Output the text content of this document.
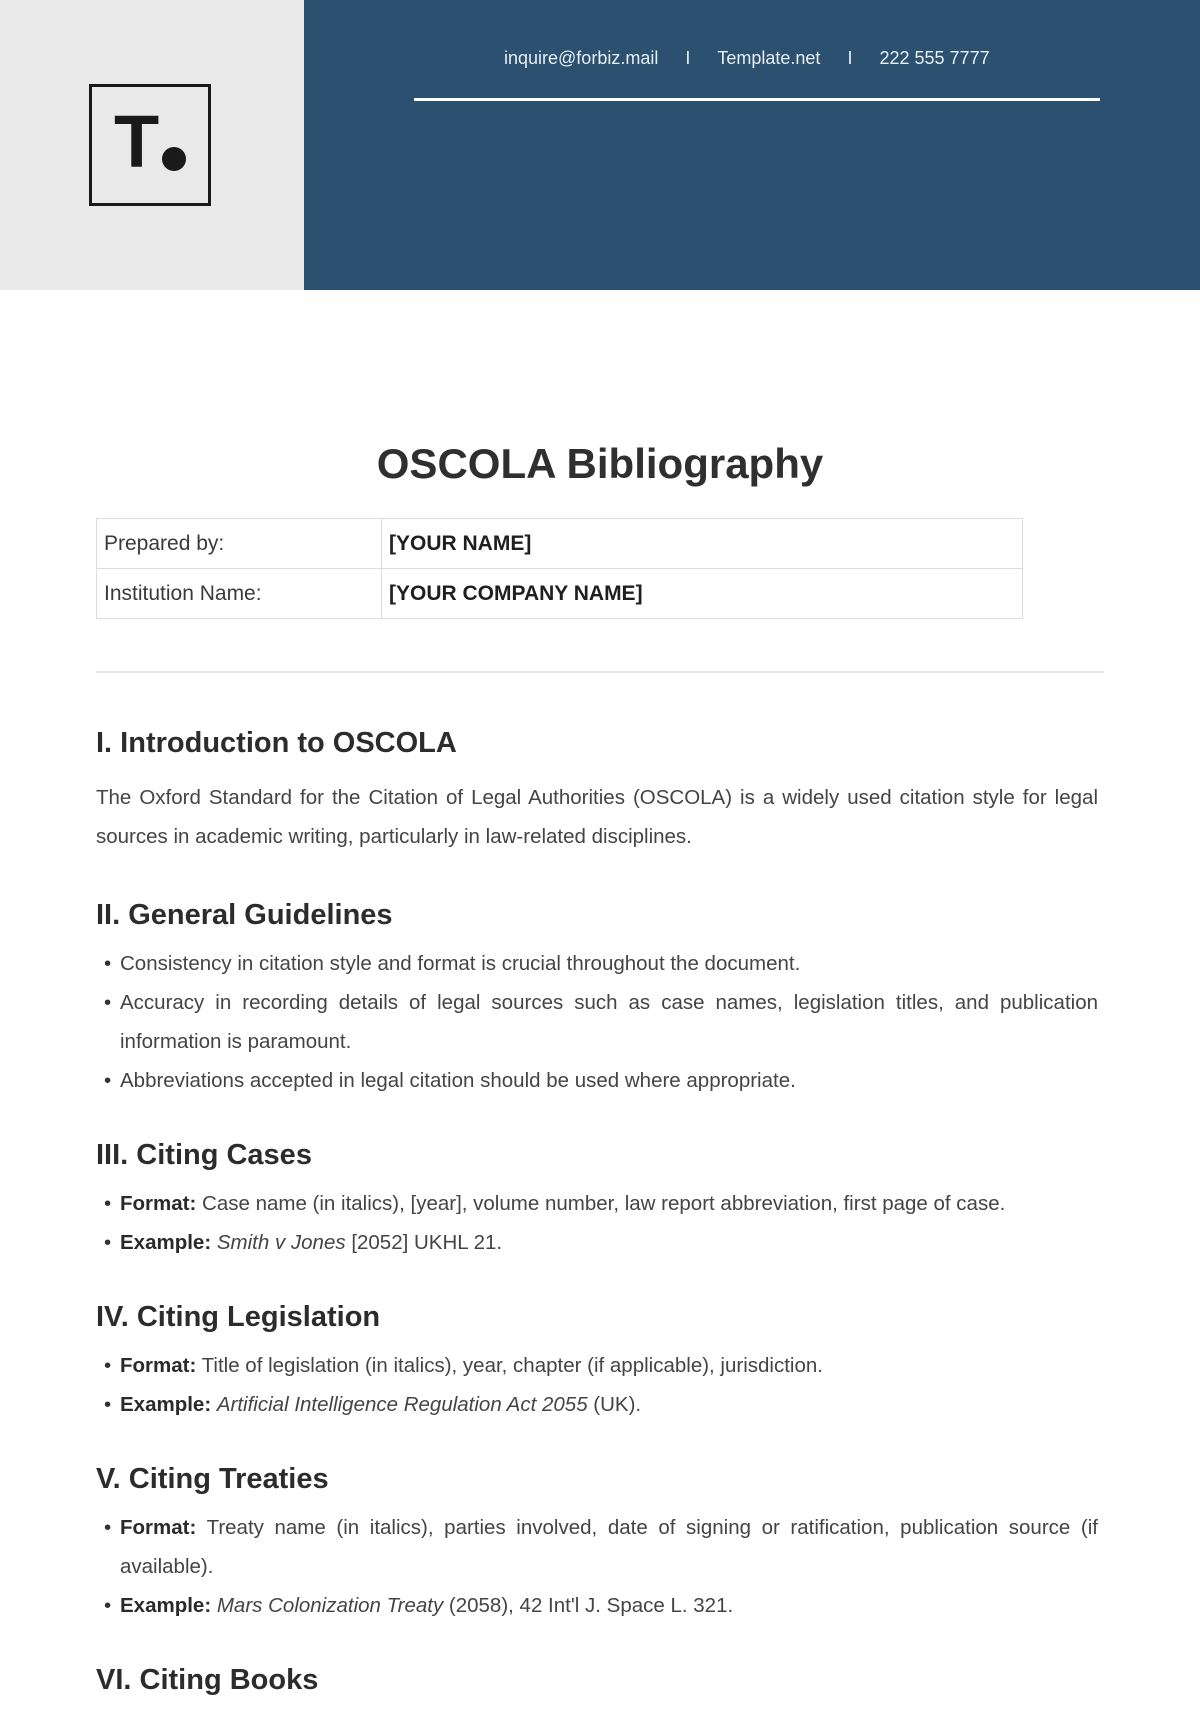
T
inquire@forbiz.mail I Template.net I 222 555 7777
OSCOLA Bibliography
Prepared by:	[YOUR NAME]
Institution Name:	[YOUR COMPANY NAME]
I. Introduction to OSCOLA

The Oxford Standard for the Citation of Legal Authorities (OSCOLA) is a widely used citation style for legal sources in academic writing, particularly in law-related disciplines.

II. General Guidelines
• Consistency in citation style and format is crucial throughout the document.
• Accuracy in recording details of legal sources such as case names, legislation titles, and publication information is paramount.
• Abbreviations accepted in legal citation should be used where appropriate.
III. Citing Cases
• Format: Case name (in italics), [year], volume number, law report abbreviation, first page of case.
• Example: Smith v Jones [2052] UKHL 21.
IV. Citing Legislation
• Format: Title of legislation (in italics), year, chapter (if applicable), jurisdiction.
• Example: Artificial Intelligence Regulation Act 2055 (UK).
V. Citing Treaties
• Format: Treaty name (in italics), parties involved, date of signing or ratification, publication source (if available).
• Example: Mars Colonization Treaty (2058), 42 Int'l J. Space L. 321.
VI. Citing Books
